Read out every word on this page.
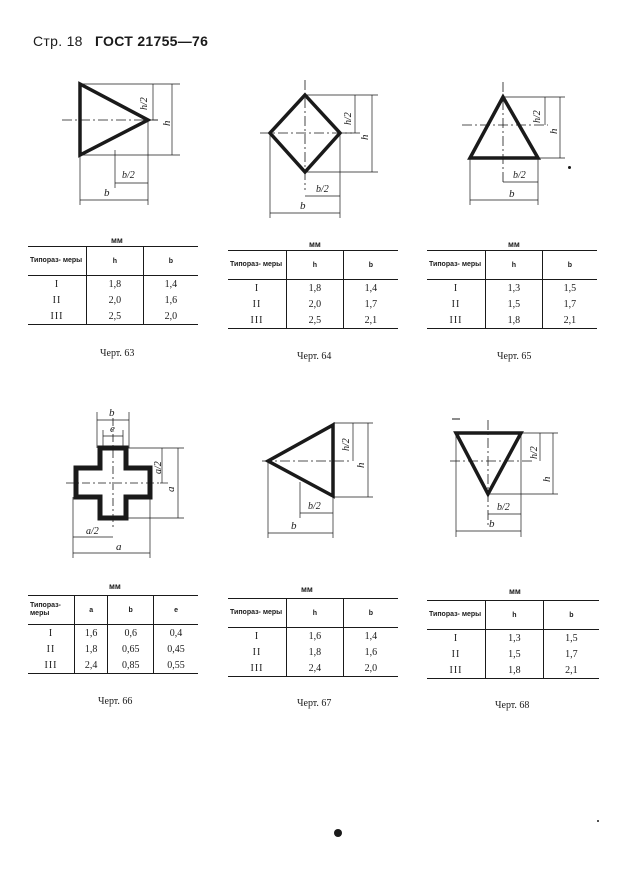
Стр. 18 ГОСТ 21755—76
h/2
h
b/2
b
h/2
h
b/2
b
h/2
h
b/2
b
b
e
a/2
a
a/2
a
h/2
h
b/2
b
h/2
h
b/2
b
мм	мм	мм
мм	мм	мм
Типораз- меры	h	b
I	1,8	1,4
II	2,0	1,6
III	2,5	2,0
Черт. 63
Типораз- меры	h	b
I	1,8	1,4
II	2,0	1,7
III	2,5	2,1
Черт. 64
Типораз- меры	h	b
I	1,3	1,5
II	1,5	1,7
III	1,8	2,1
Черт. 65
Типораз- меры	a	b	e
I	1,6	0,6	0,4
II	1,8	0,65	0,45
III	2,4	0,85	0,55
Черт. 66
Типораз- меры	h	b
I	1,6	1,4
II	1,8	1,6
III	2,4	2,0
Черт. 67
Типораз- меры	h	b
I	1,3	1,5
II	1,5	1,7
III	1,8	2,1
Черт. 68
